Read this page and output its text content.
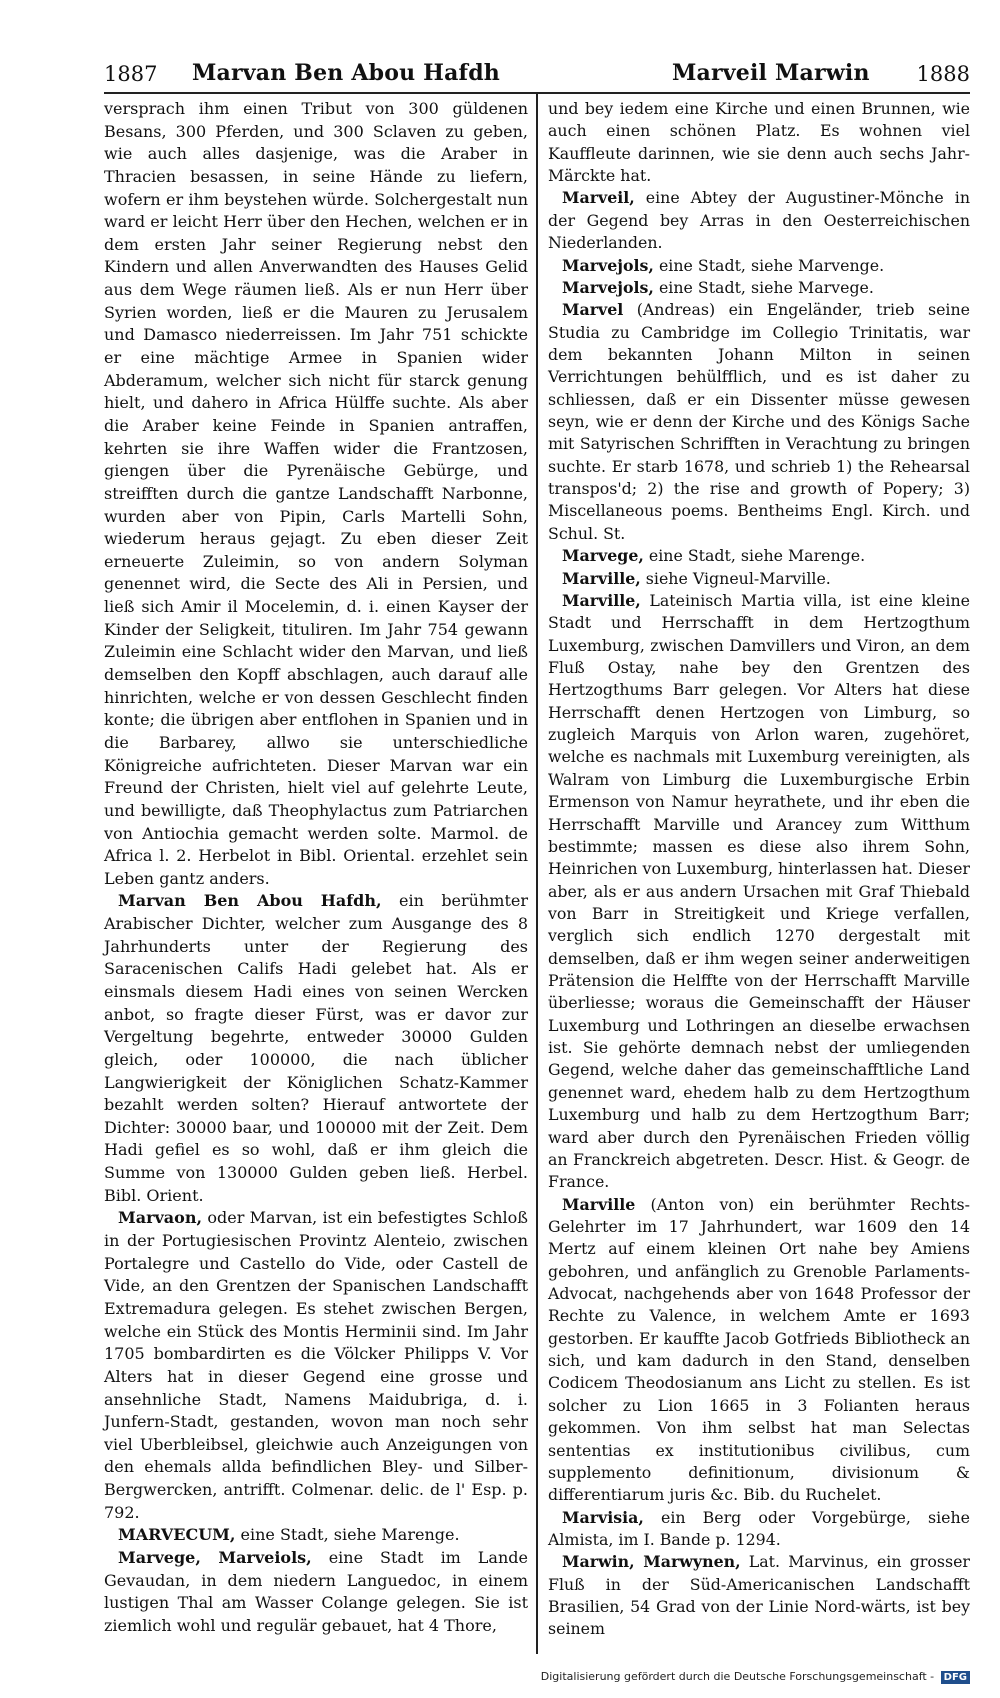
1887 Marvan Ben Abou Hafdh	Marveil Marwin 1888

versprach ihm einen Tribut von 300 güldenen Besans, 300 Pferden, und 300 Sclaven zu geben, wie auch alles dasjenige, was die Araber in Thracien besassen, in seine Hände zu liefern, wofern er ihm beystehen würde. Solchergestalt nun ward er leicht Herr über den Hechen, welchen er in dem ersten Jahr seiner Regierung nebst den Kindern und allen Anverwandten des Hauses Gelid aus dem Wege räumen ließ. Als er nun Herr über Syrien worden, ließ er die Mauren zu Jerusalem und Damasco niederreissen. Im Jahr 751 schickte er eine mächtige Armee in Spanien wider Abderamum, welcher sich nicht für starck genung hielt, und dahero in Africa Hülffe suchte. Als aber die Araber keine Feinde in Spanien antraffen, kehrten sie ihre Waffen wider die Frantzosen, giengen über die Pyrenäische Gebürge, und streifften durch die gantze Landschafft Narbonne, wurden aber von Pipin, Carls Martelli Sohn, wiederum heraus gejagt. Zu eben dieser Zeit erneuerte Zuleimin, so von andern Solyman genennet wird, die Secte des Ali in Persien, und ließ sich Amir il Mocelemin, d. i. einen Kayser der Kinder der Seligkeit, tituliren. Im Jahr 754 gewann Zuleimin eine Schlacht wider den Marvan, und ließ demselben den Kopff abschlagen, auch darauf alle hinrichten, welche er von dessen Geschlecht finden konte; die übrigen aber entflohen in Spanien und in die Barbarey, allwo sie unterschiedliche Königreiche aufrichteten. Dieser Marvan war ein Freund der Christen, hielt viel auf gelehrte Leute, und bewilligte, daß Theophylactus zum Patriarchen von Antiochia gemacht werden solte. Marmol. de Africa l. 2. Herbelot in Bibl. Oriental. erzehlet sein Leben gantz anders.

Marvan Ben Abou Hafdh, ein berühmter Arabischer Dichter, welcher zum Ausgange des 8 Jahrhunderts unter der Regierung des Saracenischen Califs Hadi gelebet hat. Als er einsmals diesem Hadi eines von seinen Wercken anbot, so fragte dieser Fürst, was er davor zur Vergeltung begehrte, entweder 30000 Gulden gleich, oder 100000, die nach üblicher Langwierigkeit der Königlichen Schatz-Kammer bezahlt werden solten? Hierauf antwortete der Dichter: 30000 baar, und 100000 mit der Zeit. Dem Hadi gefiel es so wohl, daß er ihm gleich die Summe von 130000 Gulden geben ließ. Herbel. Bibl. Orient.

Marvaon, oder Marvan, ist ein befestigtes Schloß in der Portugiesischen Provintz Alenteio, zwischen Portalegre und Castello do Vide, oder Castell de Vide, an den Grentzen der Spanischen Landschafft Extremadura gelegen. Es stehet zwischen Bergen, welche ein Stück des Montis Herminii sind. Im Jahr 1705 bombardirten es die Völcker Philipps V. Vor Alters hat in dieser Gegend eine grosse und ansehnliche Stadt, Namens Maidubriga, d. i. Junfern-Stadt, gestanden, wovon man noch sehr viel Uberbleibsel, gleichwie auch Anzeigungen von den ehemals allda befindlichen Bley- und Silber-Bergwercken, antrifft. Colmenar. delic. de l' Esp. p. 792.

MARVECUM, eine Stadt, siehe Marenge.

Marvege, Marveiols, eine Stadt im Lande Gevaudan, in dem niedern Languedoc, in einem lustigen Thal am Wasser Colange gelegen. Sie ist ziemlich wohl und regulär gebauet, hat 4 Thore,

und bey iedem eine Kirche und einen Brunnen, wie auch einen schönen Platz. Es wohnen viel Kauffleute darinnen, wie sie denn auch sechs Jahr-Märckte hat.

Marveil, eine Abtey der Augustiner-Mönche in der Gegend bey Arras in den Oesterreichischen Niederlanden.

Marvejols, eine Stadt, siehe Marvenge.

Marvejols, eine Stadt, siehe Marvege.

Marvel (Andreas) ein Engeländer, trieb seine Studia zu Cambridge im Collegio Trinitatis, war dem bekannten Johann Milton in seinen Verrichtungen behülfflich, und es ist daher zu schliessen, daß er ein Dissenter müsse gewesen seyn, wie er denn der Kirche und des Königs Sache mit Satyrischen Schrifften in Verachtung zu bringen suchte. Er starb 1678, und schrieb 1) the Rehearsal transpos'd; 2) the rise and growth of Popery; 3) Miscellaneous poems. Bentheims Engl. Kirch. und Schul. St.

Marvege, eine Stadt, siehe Marenge.

Marville, siehe Vigneul-Marville.

Marville, Lateinisch Martia villa, ist eine kleine Stadt und Herrschafft in dem Hertzogthum Luxemburg, zwischen Damvillers und Viron, an dem Fluß Ostay, nahe bey den Grentzen des Hertzogthums Barr gelegen. Vor Alters hat diese Herrschafft denen Hertzogen von Limburg, so zugleich Marquis von Arlon waren, zugehöret, welche es nachmals mit Luxemburg vereinigten, als Walram von Limburg die Luxemburgische Erbin Ermenson von Namur heyrathete, und ihr eben die Herrschafft Marville und Arancey zum Witthum bestimmte; massen es diese also ihrem Sohn, Heinrichen von Luxemburg, hinterlassen hat. Dieser aber, als er aus andern Ursachen mit Graf Thiebald von Barr in Streitigkeit und Kriege verfallen, verglich sich endlich 1270 dergestalt mit demselben, daß er ihm wegen seiner anderweitigen Prätension die Helffte von der Herrschafft Marville überliesse; woraus die Gemeinschafft der Häuser Luxemburg und Lothringen an dieselbe erwachsen ist. Sie gehörte demnach nebst der umliegenden Gegend, welche daher das gemeinschafftliche Land genennet ward, ehedem halb zu dem Hertzogthum Luxemburg und halb zu dem Hertzogthum Barr; ward aber durch den Pyrenäischen Frieden völlig an Franckreich abgetreten. Descr. Hist. & Geogr. de France.

Marville (Anton von) ein berühmter Rechts-Gelehrter im 17 Jahrhundert, war 1609 den 14 Mertz auf einem kleinen Ort nahe bey Amiens gebohren, und anfänglich zu Grenoble Parlaments-Advocat, nachgehends aber von 1648 Professor der Rechte zu Valence, in welchem Amte er 1693 gestorben. Er kauffte Jacob Gotfrieds Bibliotheck an sich, und kam dadurch in den Stand, denselben Codicem Theodosianum ans Licht zu stellen. Es ist solcher zu Lion 1665 in 3 Folianten heraus gekommen. Von ihm selbst hat man Selectas sententias ex institutionibus civilibus, cum supplemento definitionum, divisionum & differentiarum juris &c. Bib. du Ruchelet.

Marvisia, ein Berg oder Vorgebürge, siehe Almista, im I. Bande p. 1294.

Marwin, Marwynen, Lat. Marvinus, ein grosser Fluß in der Süd-Americanischen Landschafft Brasilien, 54 Grad von der Linie Nord-wärts, ist bey seinem

Digitalisierung gefördert durch die Deutsche Forschungsgemeinschaft - DFG
